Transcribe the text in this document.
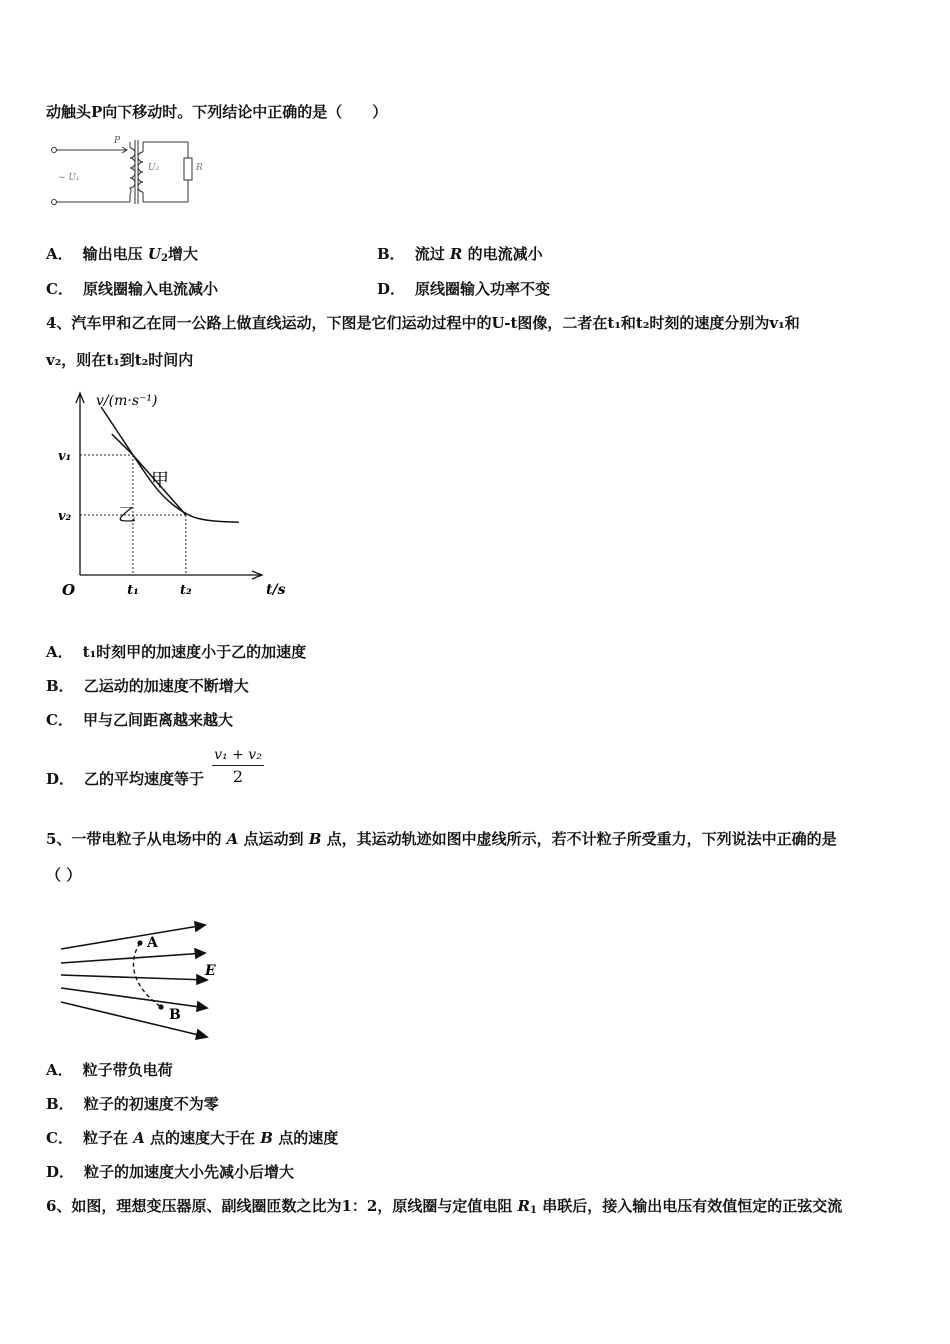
动触头P向下移动时。下列结论中正确的是（　　）
P
~ U₁
U₂	R
A． 输出电压 $U_2$增大	B． 流过 R 的电流减小
C． 原线圈输入电流减小	D． 原线圈输入功率不变
4、汽车甲和乙在同一公路上做直线运动，下图是它们运动过程中的U-t图像，二者在t₁和t₂时刻的速度分别为v₁和
v₂，则在t₁到t₂时间内
v/(m·s⁻¹)
t/s
O
v₁
v₂
t₁	t₂
甲
乙
A． t₁时刻甲的加速度小于乙的加速度
B． 乙运动的加速度不断增大
C． 甲与乙间距离越来越大
D． 乙的平均速度等于
v₁ + v₂
2
5、一带电粒子从电场中的 A 点运动到 B 点，其运动轨迹如图中虚线所示，若不计粒子所受重力，下列说法中正确的是
（ ）
A
B
E
A． 粒子带负电荷
B． 粒子的初速度不为零
C． 粒子在 A 点的速度大于在 B 点的速度
D． 粒子的加速度大小先减小后增大
6、如图，理想变压器原、副线圈匝数之比为1：2，原线圈与定值电阻 $R_1$ 串联后，接入输出电压有效值恒定的正弦交流
